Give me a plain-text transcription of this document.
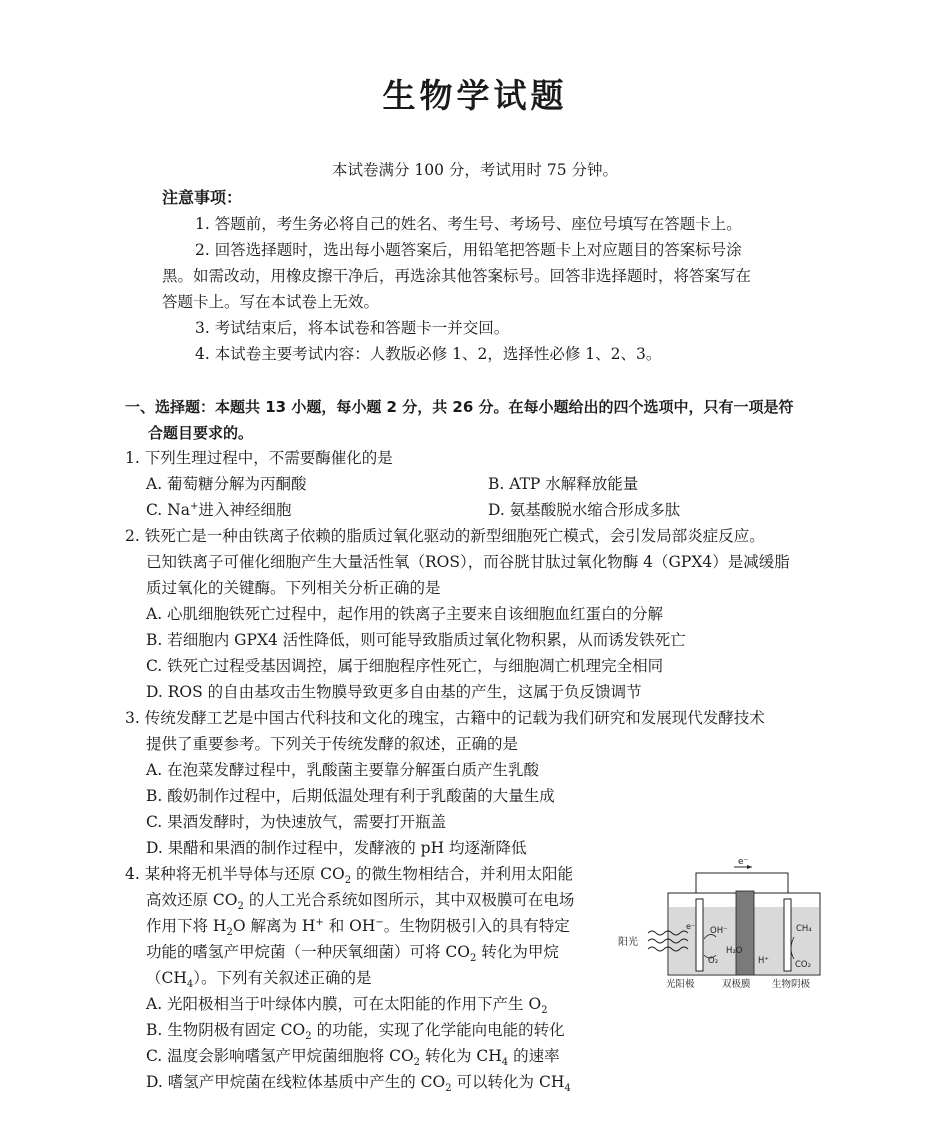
生物学试题
本试卷满分 100 分，考试用时 75 分钟。
注意事项：
1. 答题前，考生务必将自己的姓名、考生号、考场号、座位号填写在答题卡上。
2. 回答选择题时，选出每小题答案后，用铅笔把答题卡上对应题目的答案标号涂
黑。如需改动，用橡皮擦干净后，再选涂其他答案标号。回答非选择题时，将答案写在
答题卡上。写在本试卷上无效。
3. 考试结束后，将本试卷和答题卡一并交回。
4. 本试卷主要考试内容：人教版必修 1、2，选择性必修 1、2、3。
一、选择题：本题共 13 小题，每小题 2 分，共 26 分。在每小题给出的四个选项中，只有一项是符
合题目要求的。
1. 下列生理过程中，不需要酶催化的是
A. 葡萄糖分解为丙酮酸	B. ATP 水解释放能量
C. Na+进入神经细胞	D. 氨基酸脱水缩合形成多肽
2. 铁死亡是一种由铁离子依赖的脂质过氧化驱动的新型细胞死亡模式，会引发局部炎症反应。
已知铁离子可催化细胞产生大量活性氧（ROS），而谷胱甘肽过氧化物酶 4（GPX4）是减缓脂
质过氧化的关键酶。下列相关分析正确的是
A. 心肌细胞铁死亡过程中，起作用的铁离子主要来自该细胞血红蛋白的分解
B. 若细胞内 GPX4 活性降低，则可能导致脂质过氧化物积累，从而诱发铁死亡
C. 铁死亡过程受基因调控，属于细胞程序性死亡，与细胞凋亡机理完全相同
D. ROS 的自由基攻击生物膜导致更多自由基的产生，这属于负反馈调节
3. 传统发酵工艺是中国古代科技和文化的瑰宝，古籍中的记载为我们研究和发展现代发酵技术
提供了重要参考。下列关于传统发酵的叙述，正确的是
A. 在泡菜发酵过程中，乳酸菌主要靠分解蛋白质产生乳酸
B. 酸奶制作过程中，后期低温处理有利于乳酸菌的大量生成
C. 果酒发酵时，为快速放气，需要打开瓶盖
D. 果醋和果酒的制作过程中，发酵液的 pH 均逐渐降低
4. 某种将无机半导体与还原 $CO_2$ 的微生物相结合，并利用太阳能
高效还原 $CO_2$ 的人工光合系统如图所示，其中双极膜可在电场
作用下将 $H_2O$ 解离为 H+ 和 OH−。生物阴极引入的具有特定
功能的嗜氢产甲烷菌（一种厌氧细菌）可将 $CO_2$ 转化为甲烷
$(CH_4)$。下列有关叙述正确的是
A. 光阳极相当于叶绿体内膜，可在太阳能的作用下产生 $O_2$
B. 生物阴极有固定 $CO_2$ 的功能，实现了化学能向电能的转化
C. 温度会影响嗜氢产甲烷菌细胞将 $CO_2$ 转化为 $CH_4$ 的速率
D. 嗜氢产甲烷菌在线粒体基质中产生的 $CO_2$ 可以转化为 $CH_4$
e⁻
阳光
e⁻ OH⁻
O₂
H₂O
H⁺
CH₄
CO₂
光阳极	双极膜 生物阴极
